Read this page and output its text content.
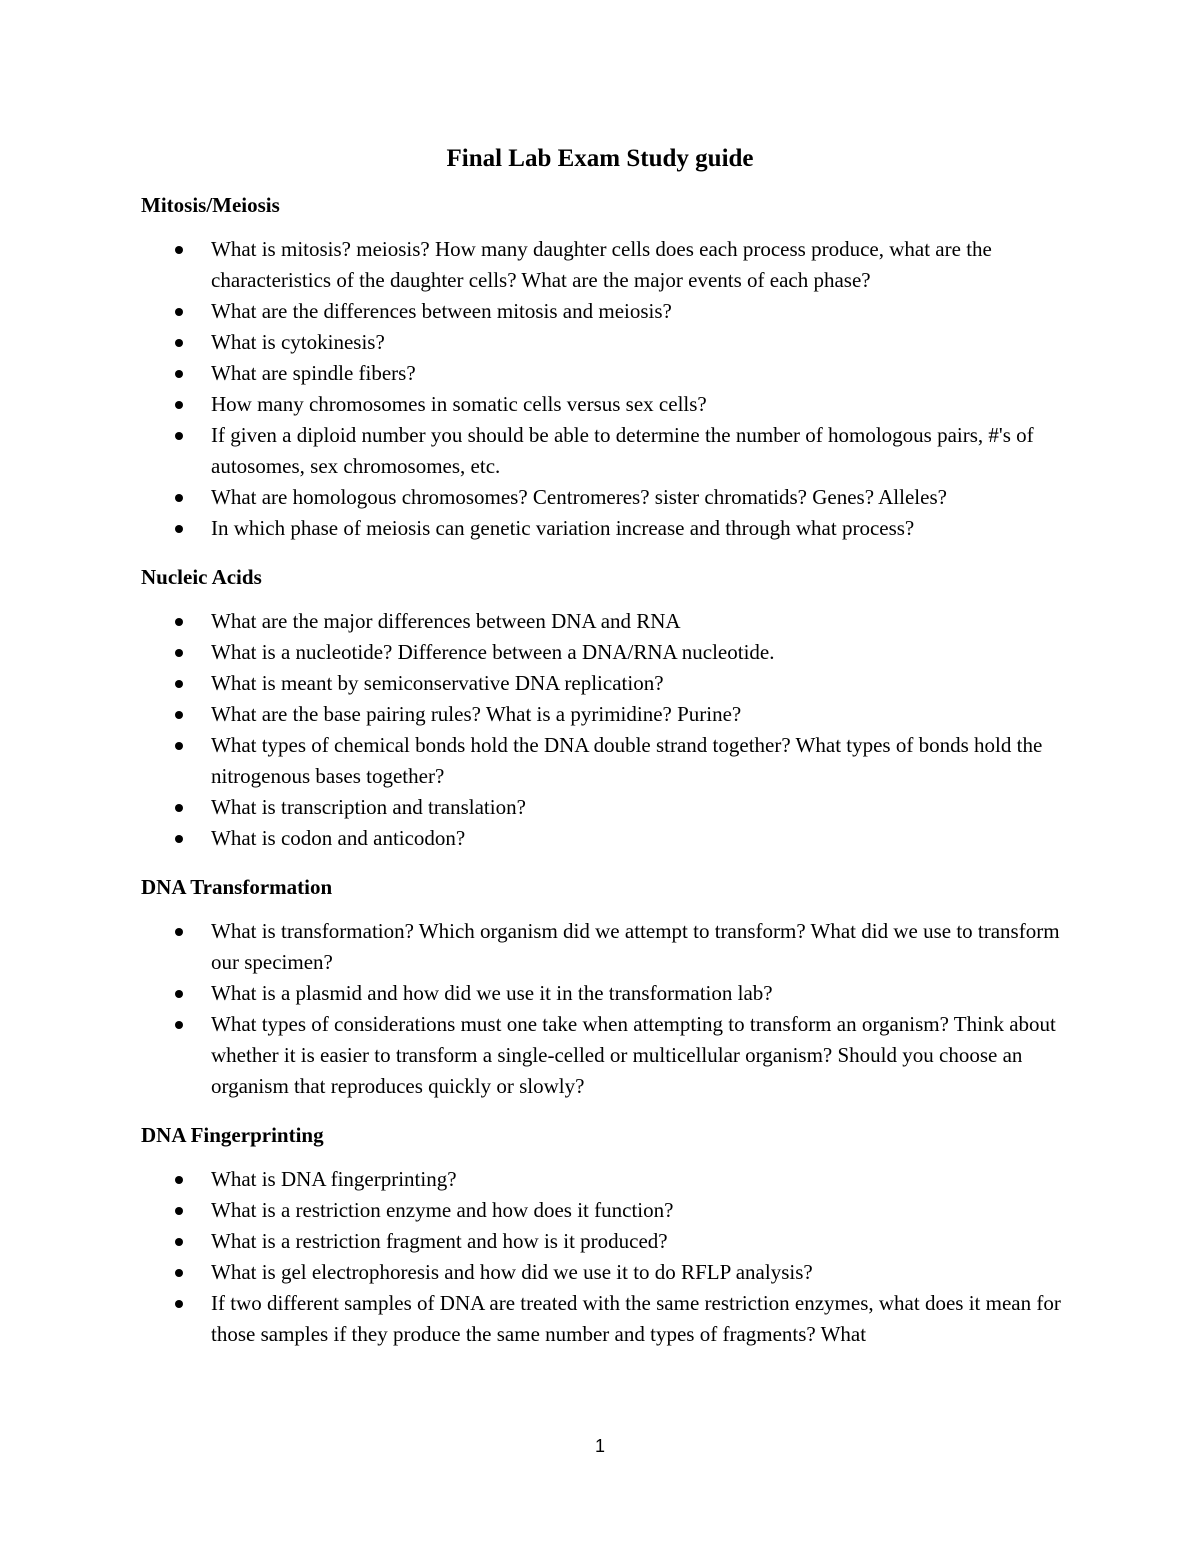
Final Lab Exam Study guide
Mitosis/Meiosis
What is mitosis? meiosis? How many daughter cells does each process produce, what are the characteristics of the daughter cells? What are the major events of each phase?
What are the differences between mitosis and meiosis?
What is cytokinesis?
What are spindle fibers?
How many chromosomes in somatic cells versus sex cells?
If given a diploid number you should be able to determine the number of homologous pairs, #'s of autosomes, sex chromosomes, etc.
What are homologous chromosomes? Centromeres? sister chromatids? Genes? Alleles?
In which phase of meiosis can genetic variation increase and through what process?
Nucleic Acids
What are the major differences between DNA and RNA
What is a nucleotide? Difference between a DNA/RNA nucleotide.
What is meant by semiconservative DNA replication?
What are the base pairing rules? What is a pyrimidine? Purine?
What types of chemical bonds hold the DNA double strand together? What types of bonds hold the nitrogenous bases together?
What is transcription and translation?
What is codon and anticodon?
DNA Transformation
What is transformation? Which organism did we attempt to transform? What did we use to transform our specimen?
What is a plasmid and how did we use it in the transformation lab?
What types of considerations must one take when attempting to transform an organism? Think about whether it is easier to transform a single-celled or multicellular organism? Should you choose an organism that reproduces quickly or slowly?
DNA Fingerprinting
What is DNA fingerprinting?
What is a restriction enzyme and how does it function?
What is a restriction fragment and how is it produced?
What is gel electrophoresis and how did we use it to do RFLP analysis?
If two different samples of DNA are treated with the same restriction enzymes, what does it mean for those samples if they produce the same number and types of fragments? What
1
